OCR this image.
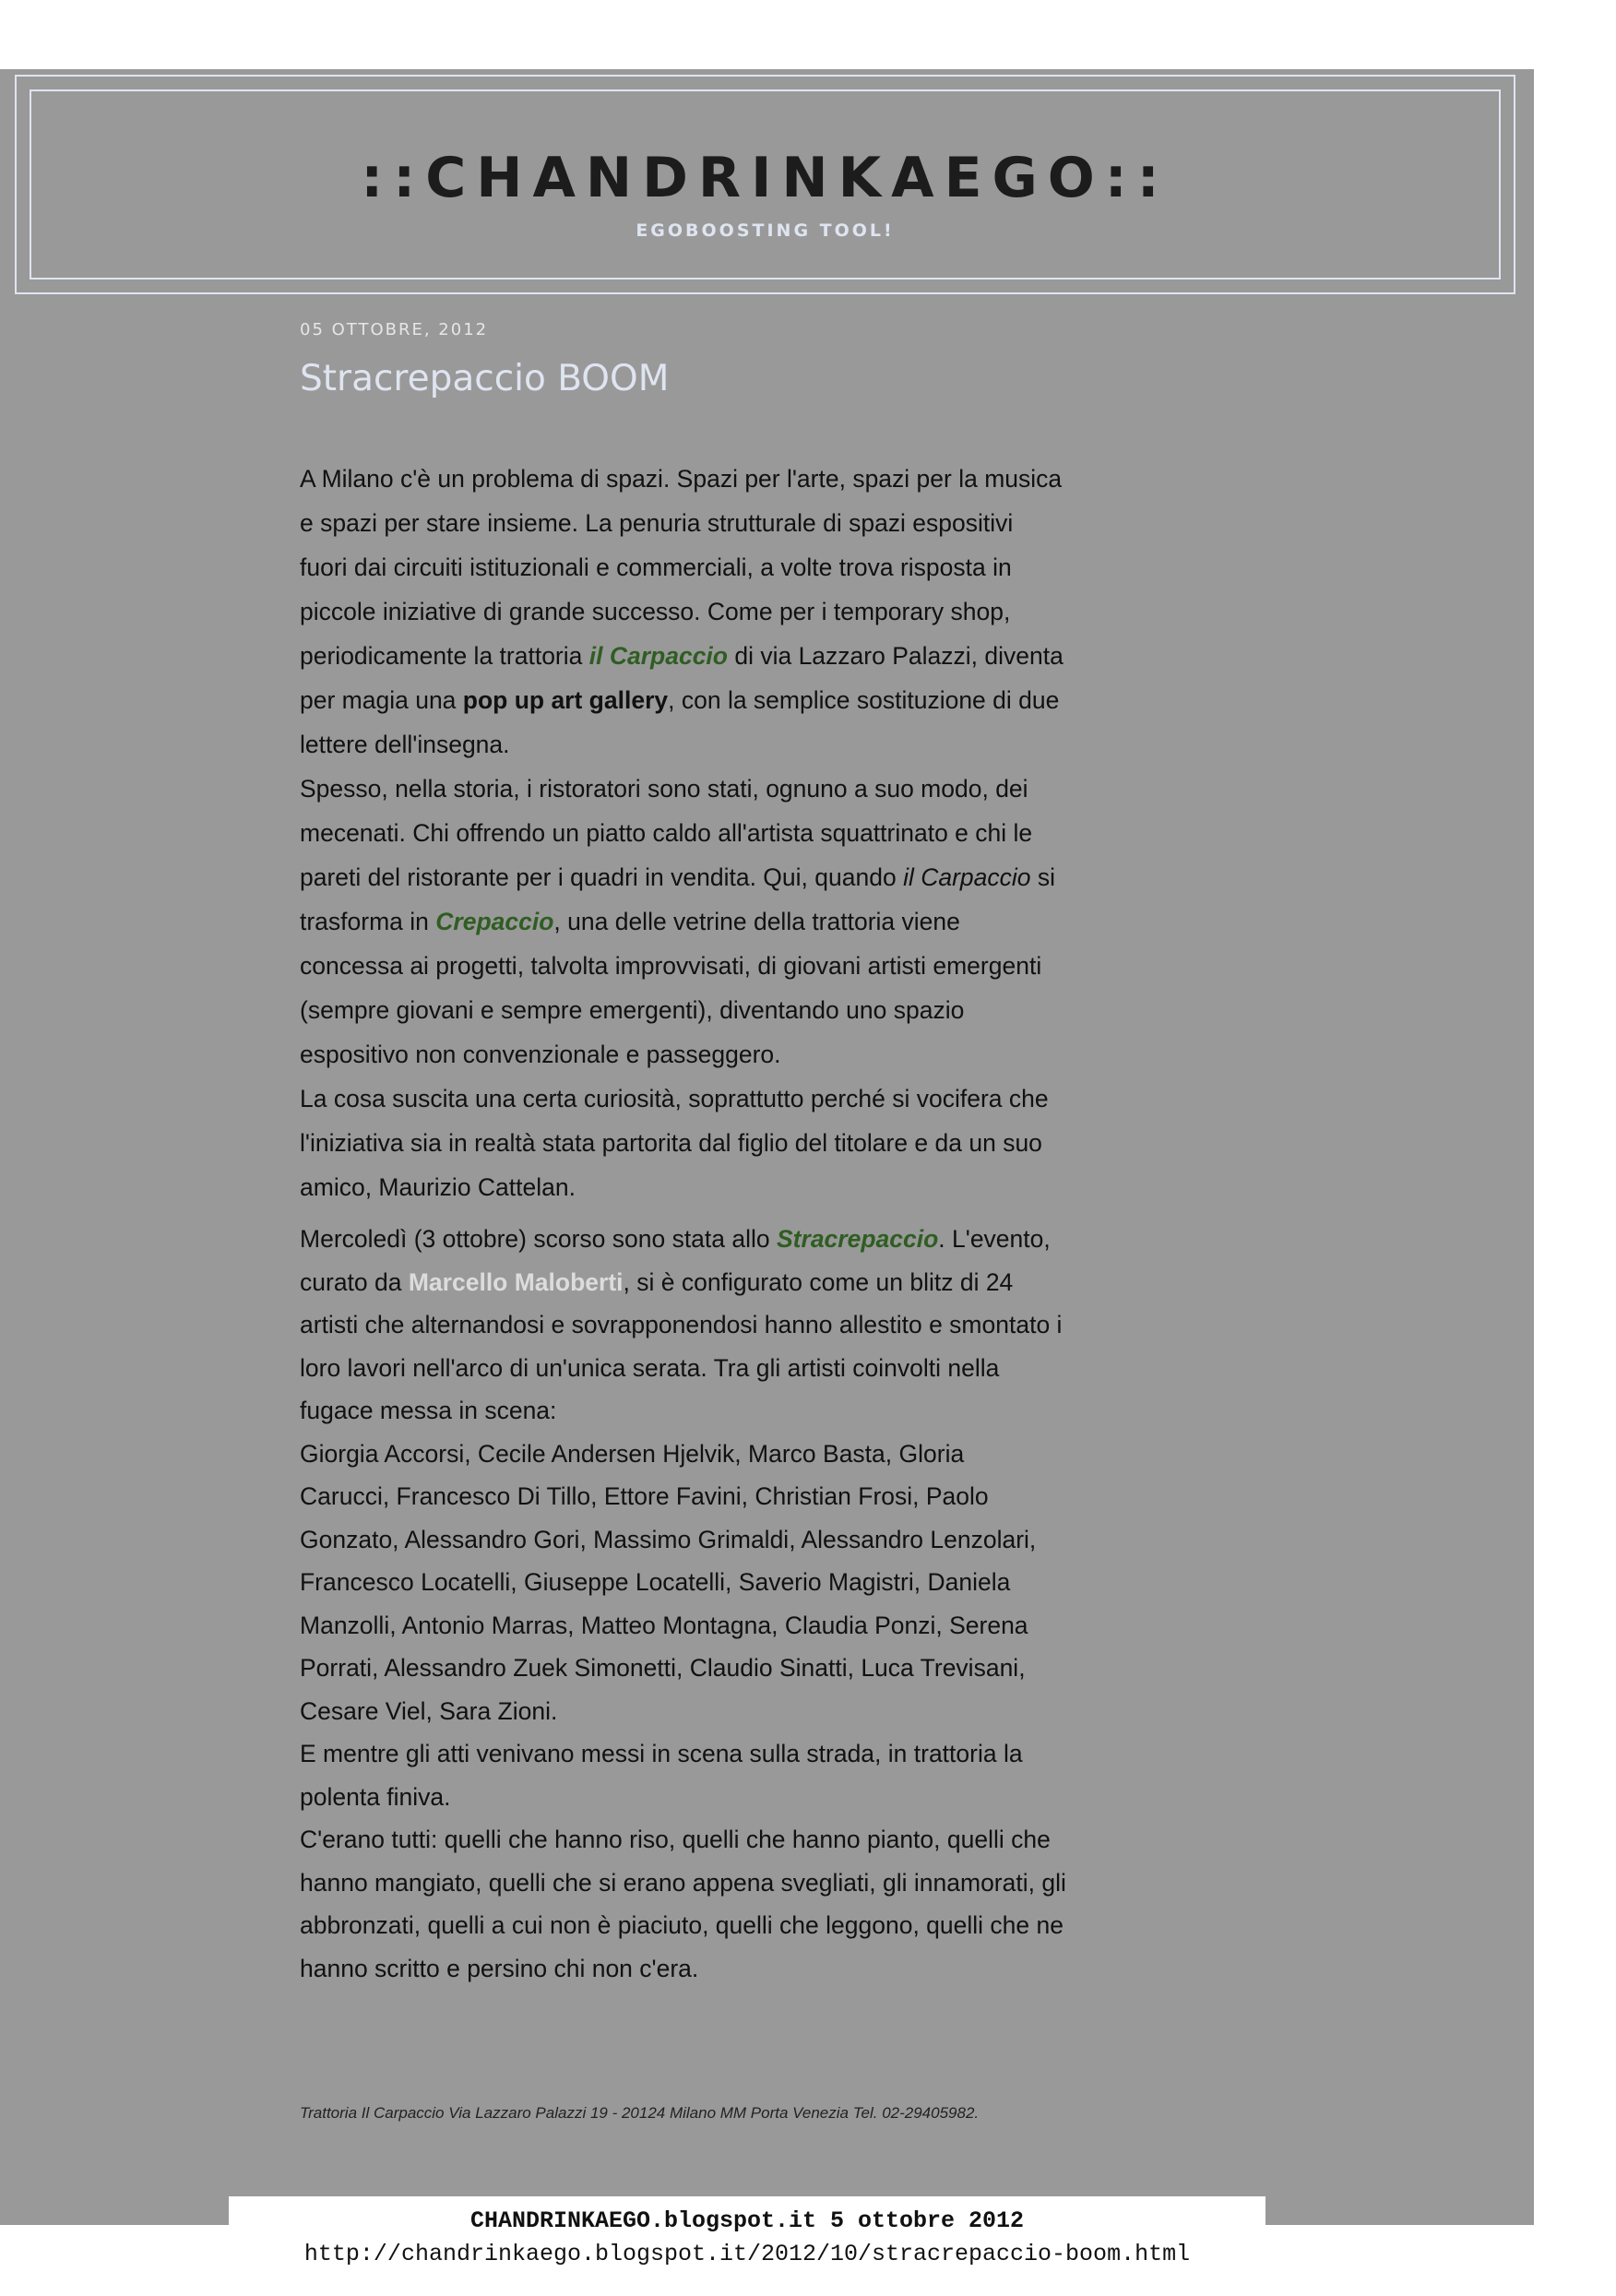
::CHANDRINKAEGO::
EGOBOOSTING TOOL!
05 OTTOBRE, 2012
Stracrepaccio BOOM
A Milano c'è un problema di spazi. Spazi per l'arte, spazi per la musica
e spazi per stare insieme. La penuria strutturale di spazi espositivi
fuori dai circuiti istituzionali e commerciali, a volte trova risposta in
piccole iniziative di grande successo. Come per i temporary shop,
periodicamente la trattoria il Carpaccio di via Lazzaro Palazzi, diventa
per magia una pop up art gallery, con la semplice sostituzione di due
lettere dell'insegna.
Spesso, nella storia, i ristoratori sono stati, ognuno a suo modo, dei
mecenati. Chi offrendo un piatto caldo all'artista squattrinato e chi le
pareti del ristorante per i quadri in vendita. Qui, quando il Carpaccio si
trasforma in Crepaccio, una delle vetrine della trattoria viene
concessa ai progetti, talvolta improvvisati, di giovani artisti emergenti
(sempre giovani e sempre emergenti), diventando uno spazio
espositivo non convenzionale e passeggero.
La cosa suscita una certa curiosità, soprattutto perché si vocifera che
l'iniziativa sia in realtà stata partorita dal figlio del titolare e da un suo
amico, Maurizio Cattelan.
Mercoledì (3 ottobre) scorso sono stata allo Stracrepaccio. L'evento,
curato da Marcello Maloberti, si è configurato come un blitz di 24
artisti che alternandosi e sovrapponendosi hanno allestito e smontato i
loro lavori nell'arco di un'unica serata. Tra gli artisti coinvolti nella
fugace messa in scena:
Giorgia Accorsi, Cecile Andersen Hjelvik, Marco Basta, Gloria
Carucci, Francesco Di Tillo, Ettore Favini, Christian Frosi, Paolo
Gonzato, Alessandro Gori, Massimo Grimaldi, Alessandro Lenzolari,
Francesco Locatelli, Giuseppe Locatelli, Saverio Magistri, Daniela
Manzolli, Antonio Marras, Matteo Montagna, Claudia Ponzi, Serena
Porrati, Alessandro Zuek Simonetti, Claudio Sinatti, Luca Trevisani,
Cesare Viel, Sara Zioni.
E mentre gli atti venivano messi in scena sulla strada, in trattoria la
polenta finiva.
C'erano tutti: quelli che hanno riso, quelli che hanno pianto, quelli che
hanno mangiato, quelli che si erano appena svegliati, gli innamorati, gli
abbronzati, quelli a cui non è piaciuto, quelli che leggono, quelli che ne
hanno scritto e persino chi non c'era.
Trattoria Il Carpaccio Via Lazzaro Palazzi 19 - 20124 Milano MM Porta Venezia Tel. 02-29405982.
CHANDRINKAEGO.blogspot.it 5 ottobre 2012
http://chandrinkaego.blogspot.it/2012/10/stracrepaccio-boom.html
